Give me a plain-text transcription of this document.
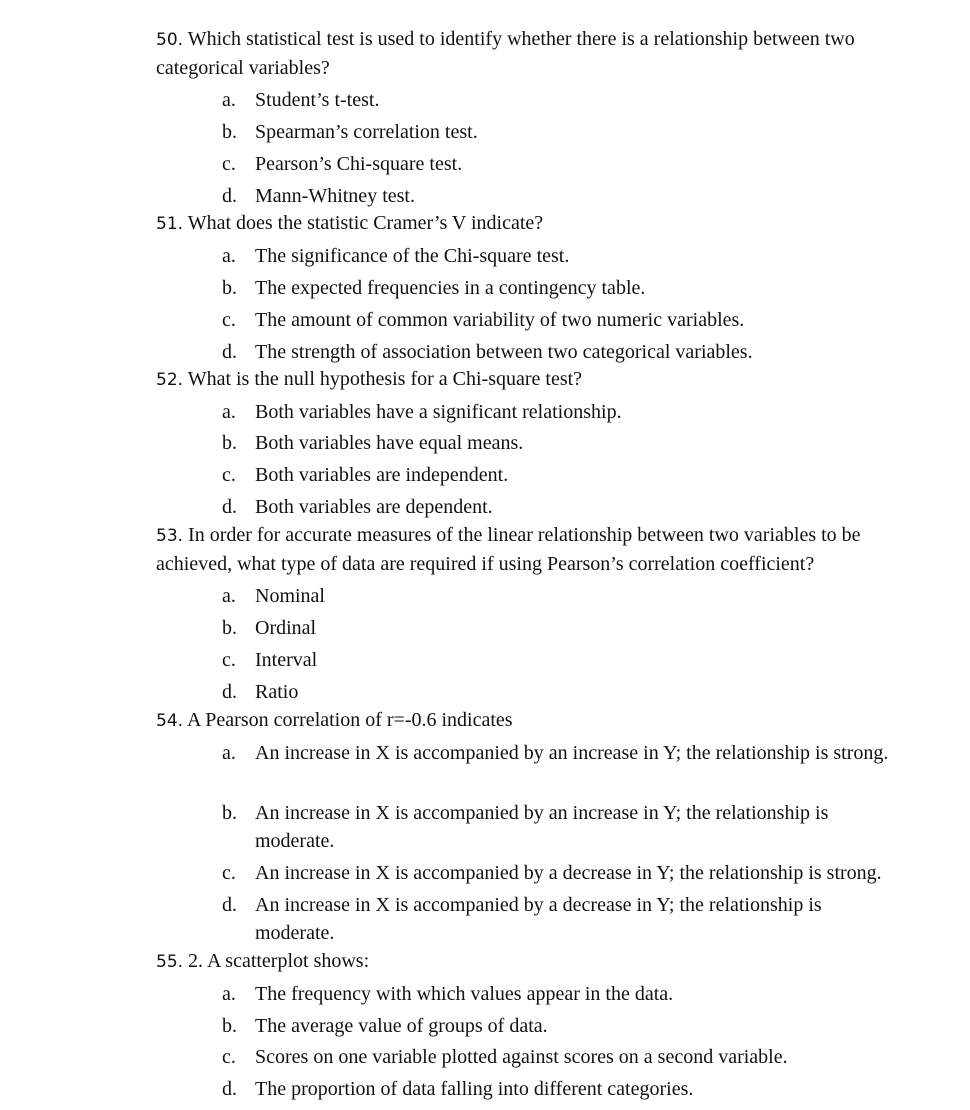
50. Which statistical test is used to identify whether there is a relationship between two categorical variables?
a. Student’s t-test.
b. Spearman’s correlation test.
c. Pearson’s Chi-square test.
d. Mann-Whitney test.
51. What does the statistic Cramer’s V indicate?
a. The significance of the Chi-square test.
b. The expected frequencies in a contingency table.
c. The amount of common variability of two numeric variables.
d. The strength of association between two categorical variables.
52. What is the null hypothesis for a Chi-square test?
a. Both variables have a significant relationship.
b. Both variables have equal means.
c. Both variables are independent.
d. Both variables are dependent.
53. In order for accurate measures of the linear relationship between two variables to be achieved, what type of data are required if using Pearson’s correlation coefficient?
a. Nominal
b. Ordinal
c. Interval
d. Ratio
54. A Pearson correlation of r=-0.6 indicates
a. An increase in X is accompanied by an increase in Y; the relationship is strong.
b. An increase in X is accompanied by an increase in Y; the relationship is moderate.
c. An increase in X is accompanied by a decrease in Y; the relationship is strong.
d. An increase in X is accompanied by a decrease in Y; the relationship is moderate.
55. 2. A scatterplot shows:
a. The frequency with which values appear in the data.
b. The average value of groups of data.
c. Scores on one variable plotted against scores on a second variable.
d. The proportion of data falling into different categories.
